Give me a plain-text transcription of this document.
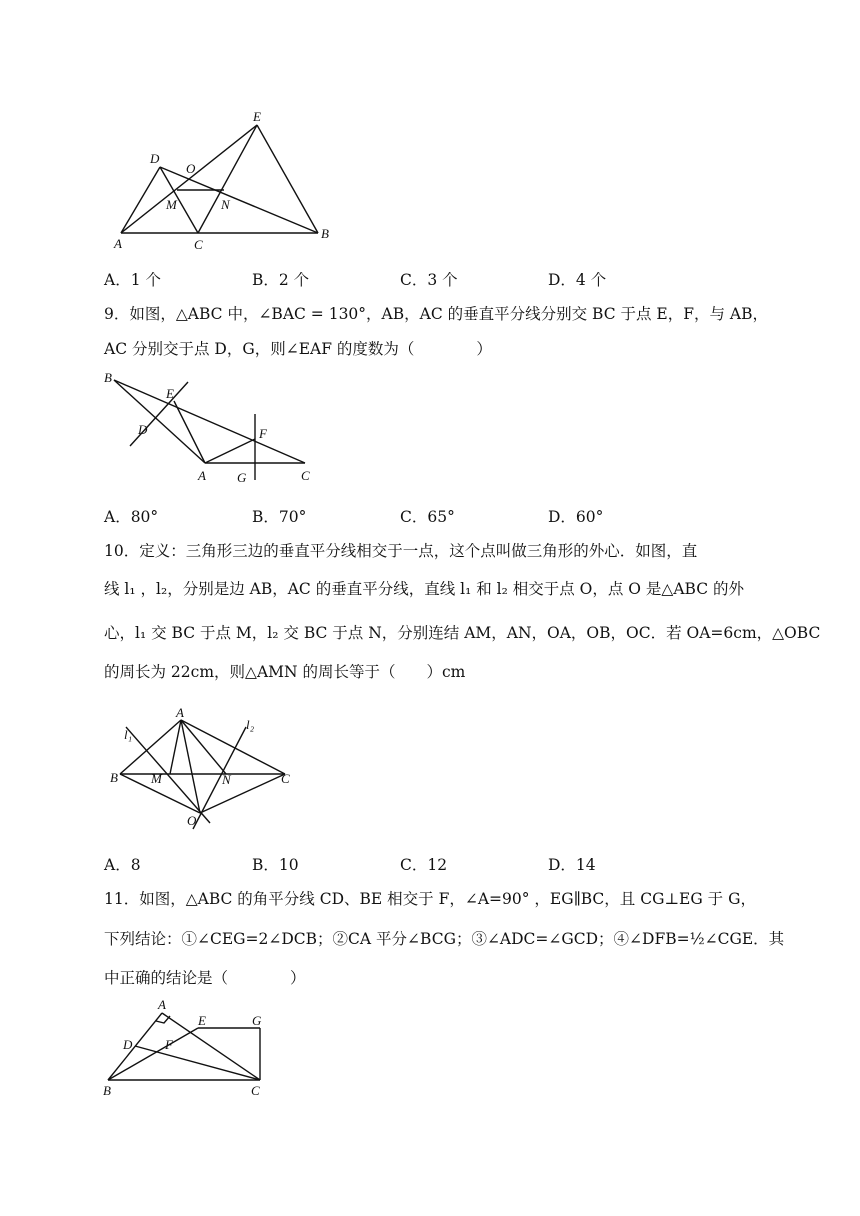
E
D
O
M	N
A	C
B
A．1 个	B．2 个	C．3 个	D．4 个
9．如图，△ABC 中，∠BAC = 130°，AB，AC 的垂直平分线分别交 BC 于点 E，F，与 AB，
AC 分别交于点 D，G，则∠EAF 的度数为（　　　　）
B
E
D	F
A G	C
A．80°	B．70°	C．65°	D．60°
10．定义：三角形三边的垂直平分线相交于一点，这个点叫做三角形的外心．如图，直
线 l₁ ，l₂，分别是边 AB，AC 的垂直平分线，直线 l₁ 和 l₂ 相交于点 O，点 O 是△ABC 的外
心，l₁ 交 BC 于点 M，l₂ 交 BC 于点 N，分别连结 AM，AN，OA，OB，OC．若 OA=6cm，△OBC
的周长为 22cm，则△AMN 的周长等于（　　）cm
A
l₁
l₂
B	M	N	C
O
A．8	B．10	C．12	D．14
11．如图，△ABC 的角平分线 CD、BE 相交于 F，∠A=90° ，EG∥BC，且 CG⊥EG 于 G，
下列结论：①∠CEG=2∠DCB；②CA 平分∠BCG；③∠ADC=∠GCD；④∠DFB=½∠CGE．其
中正确的结论是（　　　　）
A
E	G
D	F
B	C
